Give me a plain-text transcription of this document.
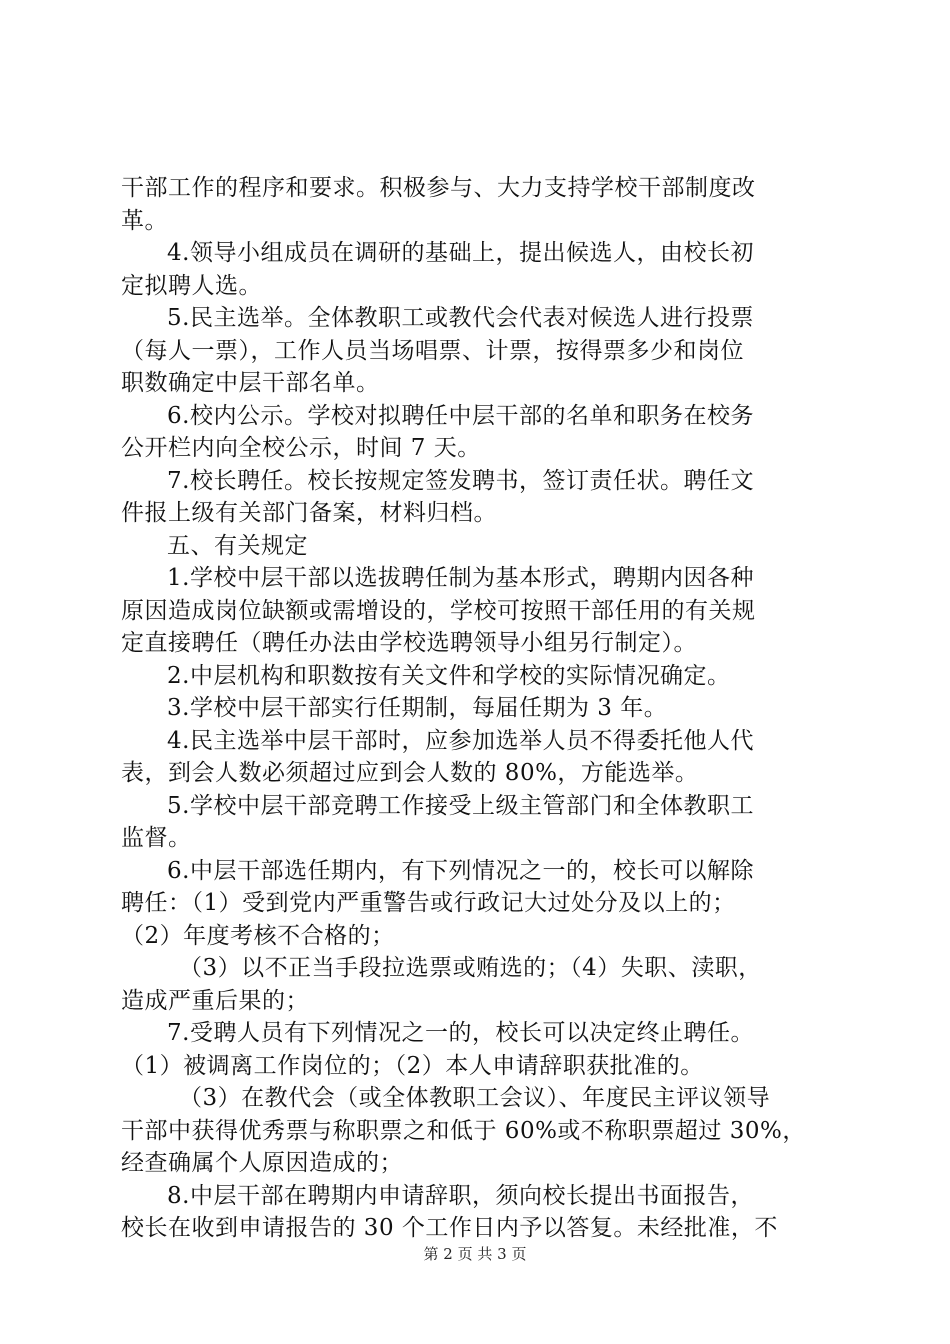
干部工作的程序和要求。积极参与、大力支持学校干部制度改
革。
4.领导小组成员在调研的基础上，提出候选人，由校长初
定拟聘人选。
5.民主选举。全体教职工或教代会代表对候选人进行投票
（每人一票），工作人员当场唱票、计票，按得票多少和岗位
职数确定中层干部名单。
6.校内公示。学校对拟聘任中层干部的名单和职务在校务
公开栏内向全校公示，时间 7 天。
7.校长聘任。校长按规定签发聘书，签订责任状。聘任文
件报上级有关部门备案，材料归档。
五、有关规定
1.学校中层干部以选拔聘任制为基本形式，聘期内因各种
原因造成岗位缺额或需增设的，学校可按照干部任用的有关规
定直接聘任（聘任办法由学校选聘领导小组另行制定）。
2.中层机构和职数按有关文件和学校的实际情况确定。
3.学校中层干部实行任期制，每届任期为 3 年。
4.民主选举中层干部时，应参加选举人员不得委托他人代
表，到会人数必须超过应到会人数的 80%，方能选举。
5.学校中层干部竞聘工作接受上级主管部门和全体教职工
监督。
6.中层干部选任期内，有下列情况之一的，校长可以解除
聘任：（1）受到党内严重警告或行政记大过处分及以上的；
（2）年度考核不合格的；
（3）以不正当手段拉选票或贿选的；（4）失职、渎职，
造成严重后果的；
7.受聘人员有下列情况之一的，校长可以决定终止聘任。
（1）被调离工作岗位的；（2）本人申请辞职获批准的。
（3）在教代会（或全体教职工会议）、年度民主评议领导
干部中获得优秀票与称职票之和低于 60%或不称职票超过 30%，
经查确属个人原因造成的；
8.中层干部在聘期内申请辞职，须向校长提出书面报告，
校长在收到申请报告的 30 个工作日内予以答复。未经批准，不
第 2 页 共 3 页
